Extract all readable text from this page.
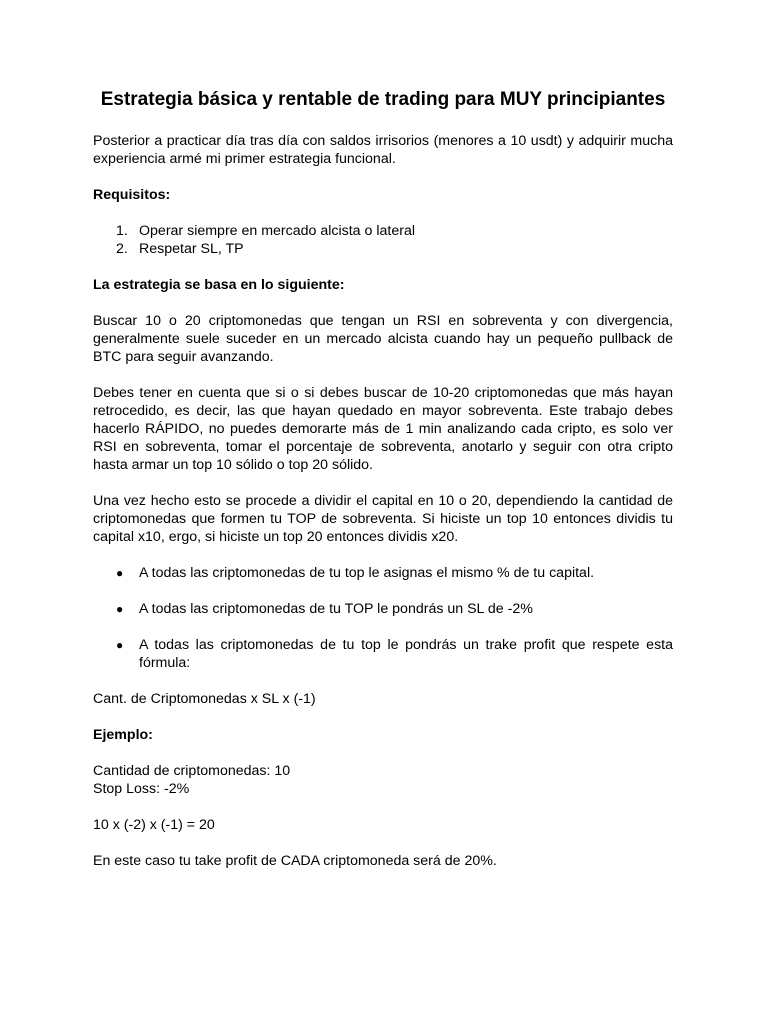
Estrategia básica y rentable de trading para MUY principiantes

Posterior a practicar día tras día con saldos irrisorios (menores a 10 usdt) y adquirir mucha experiencia armé mi primer estrategia funcional.

Requisitos:

1. Operar siempre en mercado alcista o lateral
2. Respetar SL, TP

La estrategia se basa en lo siguiente:

Buscar 10 o 20 criptomonedas que tengan un RSI en sobreventa y con divergencia, generalmente suele suceder en un mercado alcista cuando hay un pequeño pullback de BTC para seguir avanzando.

Debes tener en cuenta que si o si debes buscar de 10-20 criptomonedas que más hayan retrocedido, es decir, las que hayan quedado en mayor sobreventa. Este trabajo debes hacerlo RÁPIDO, no puedes demorarte más de 1 min analizando cada cripto, es solo ver RSI en sobreventa, tomar el porcentaje de sobreventa, anotarlo y seguir con otra cripto hasta armar un top 10 sólido o top 20 sólido.

Una vez hecho esto se procede a dividir el capital en 10 o 20, dependiendo la cantidad de criptomonedas que formen tu TOP de sobreventa. Si hiciste un top 10 entonces dividis tu capital x10, ergo, si hiciste un top 20 entonces dividis x20.

● A todas las criptomonedas de tu top le asignas el mismo % de tu capital.
● A todas las criptomonedas de tu TOP le pondrás un SL de -2%
● A todas las criptomonedas de tu top le pondrás un trake profit que respete esta fórmula:

Cant. de Criptomonedas x SL x (-1)

Ejemplo:

Cantidad de criptomonedas: 10

Stop Loss: -2%

10 x (-2) x (-1) = 20

En este caso tu take profit de CADA criptomoneda será de 20%.
